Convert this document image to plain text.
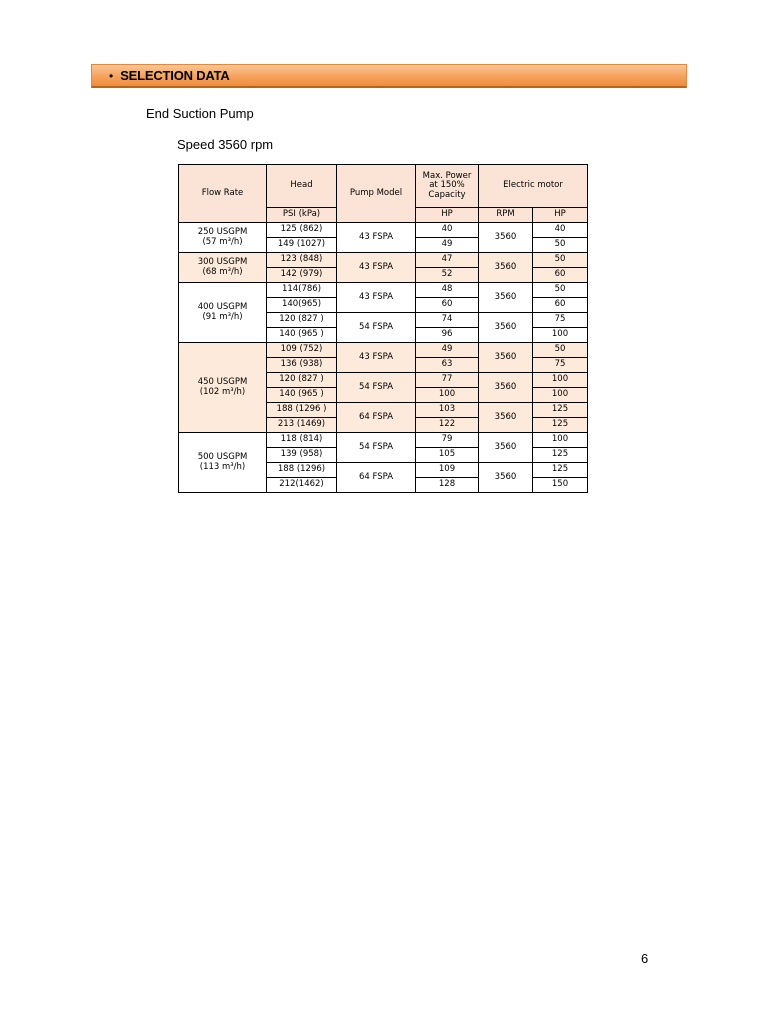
• SELECTION DATA
End Suction Pump
Speed 3560 rpm
Flow Rate	Head	Pump Model	Max. Power at 150% Capacity	Electric motor	
	PSI (kPa)		HP	RPM	HP

250 USGPM
(57 m³/h)	125 (862)	43 FSPA	40	3560	40
	149 (1027)		49		50

300 USGPM
(68 m³/h)	123 (848)	43 FSPA	47	3560	50
	142 (979)		52		60

400 USGPM
(91 m³/h)	114(786)	43 FSPA	48	3560	50
	140(965)		60		60
	120 (827 )	54 FSPA	74	3560	75
	140 (965 )		96		100

450 USGPM
(102 m³/h)	109 (752)	43 FSPA	49	3560	50
	136 (938)		63		75
	120 (827 )	54 FSPA	77	3560	100
	140 (965 )		100		100
	188 (1296 )	64 FSPA	103	3560	125
	213 (1469)		122		125

500 USGPM
(113 m³/h)	118 (814)	54 FSPA	79	3560	100
	139 (958)		105		125
	188 (1296)	64 FSPA	109	3560	125
	212(1462)		128		150
6
